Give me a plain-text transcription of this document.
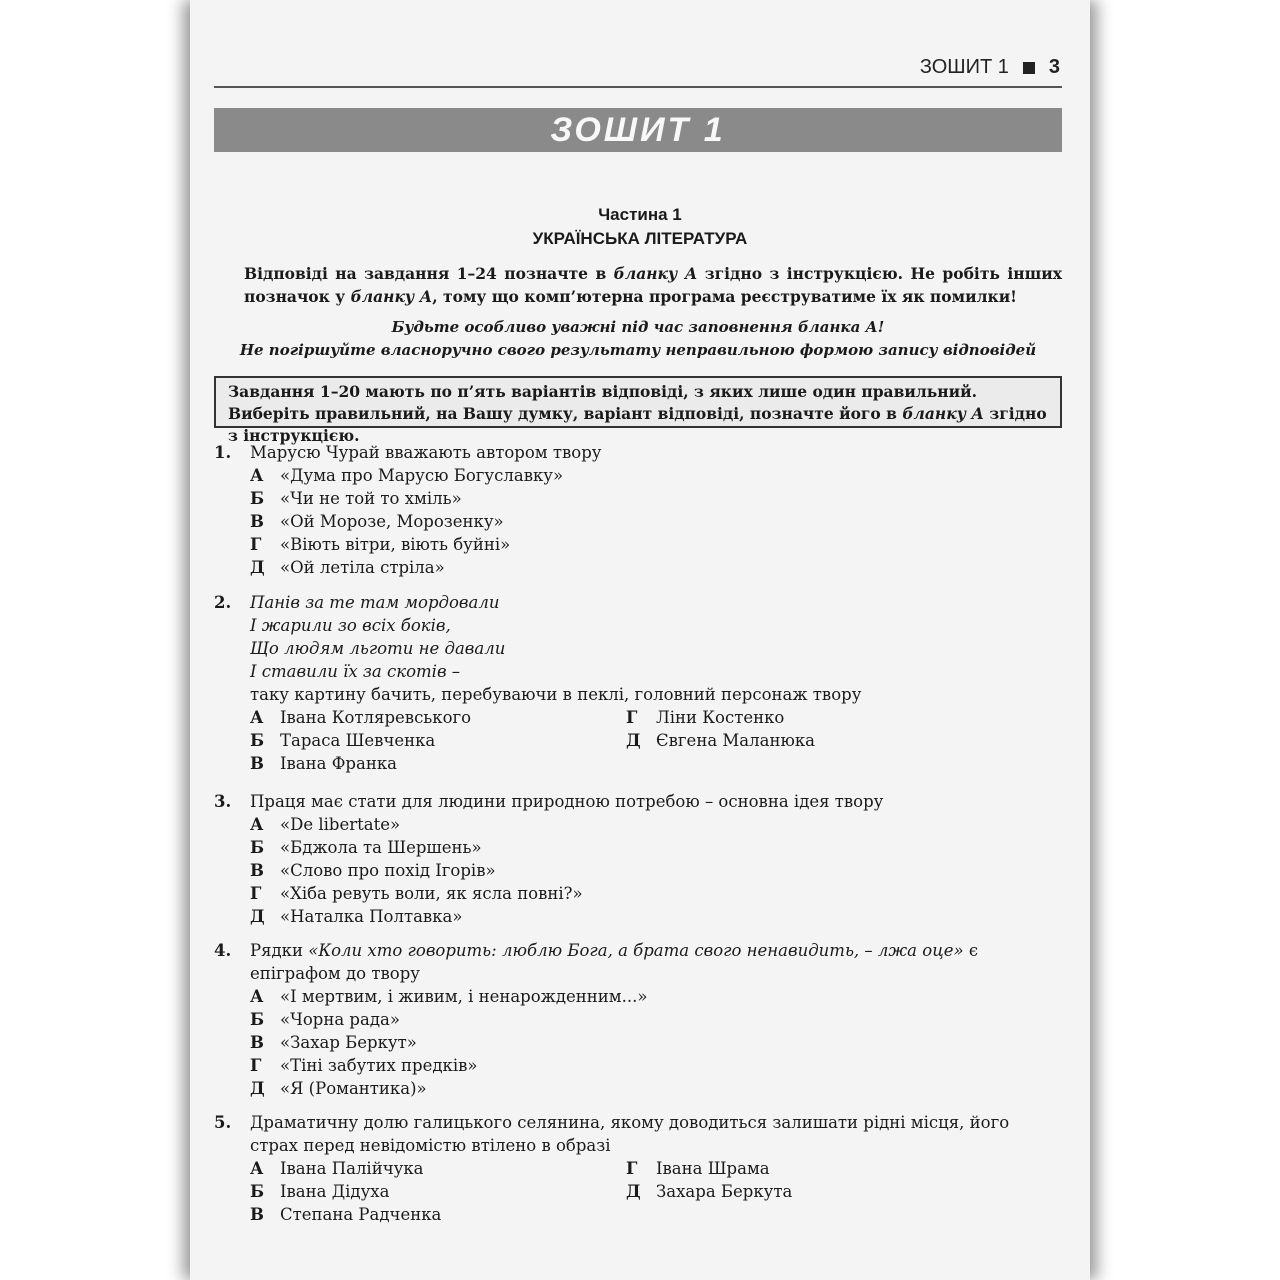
ЗОШИТ 1 3
ЗОШИТ 1
Частина 1
УКРАЇНСЬКА ЛІТЕРАТУРА
Відповіді на завдання 1–24 позначте в бланку А згідно з інструкцією. Не робіть інших позначок у бланку А, тому що комп’ютерна програма реєструватиме їх як помилки!
Будьте особливо уважні під час заповнення бланка А!
Не погіршуйте власноручно свого результату неправильною формою запису відповідей
Завдання 1–20 мають по п’ять варіантів відповіді, з яких лише один правильний. Виберіть правильний, на Вашу думку, варіант відповіді, позначте його в бланку А згідно з інструкцією.
1. Марусю Чурай вважають автором твору
А	«Дума про Марусю Богуславку»
Б «Чи не той то хміль»
В «Ой Морозе, Морозенку»
Г	«Віють вітри, віють буйні»
Д «Ой летіла стріла»
2. Панів за те там мордовали
І жарили зо всіх боків,
Що людям льготи не давали
І ставили їх за скотів –
таку картину бачить, перебуваючи в пеклі, головний персонаж твору
А	Івана Котляревського	Г	Ліни Костенко
Б Тараса Шевченка	Д Євгена Маланюка
В Івана Франка
3. Праця має стати для людини природною потребою – основна ідея твору
А	«De libertate»
Б «Бджола та Шершень»
В «Слово про похід Ігорів»
Г	«Хіба ревуть воли, як ясла повні?»
Д «Наталка Полтавка»
4. Рядки «Коли хто говорить: люблю Бога, а брата свого ненавидить, – лжа оце» є епіграфом до твору
А	«І мертвим, і живим, і ненарожденним...»
Б «Чорна рада»
В «Захар Беркут»
Г	«Тіні забутих предків»
Д «Я (Романтика)»
5. Драматичну долю галицького селянина, якому доводиться залишати рідні місця, його страх перед невідомістю втілено в образі
А	Івана Палійчука	Г	Івана Шрама
Б Івана Дідуха	Д Захара Беркута
В Степана Радченка
